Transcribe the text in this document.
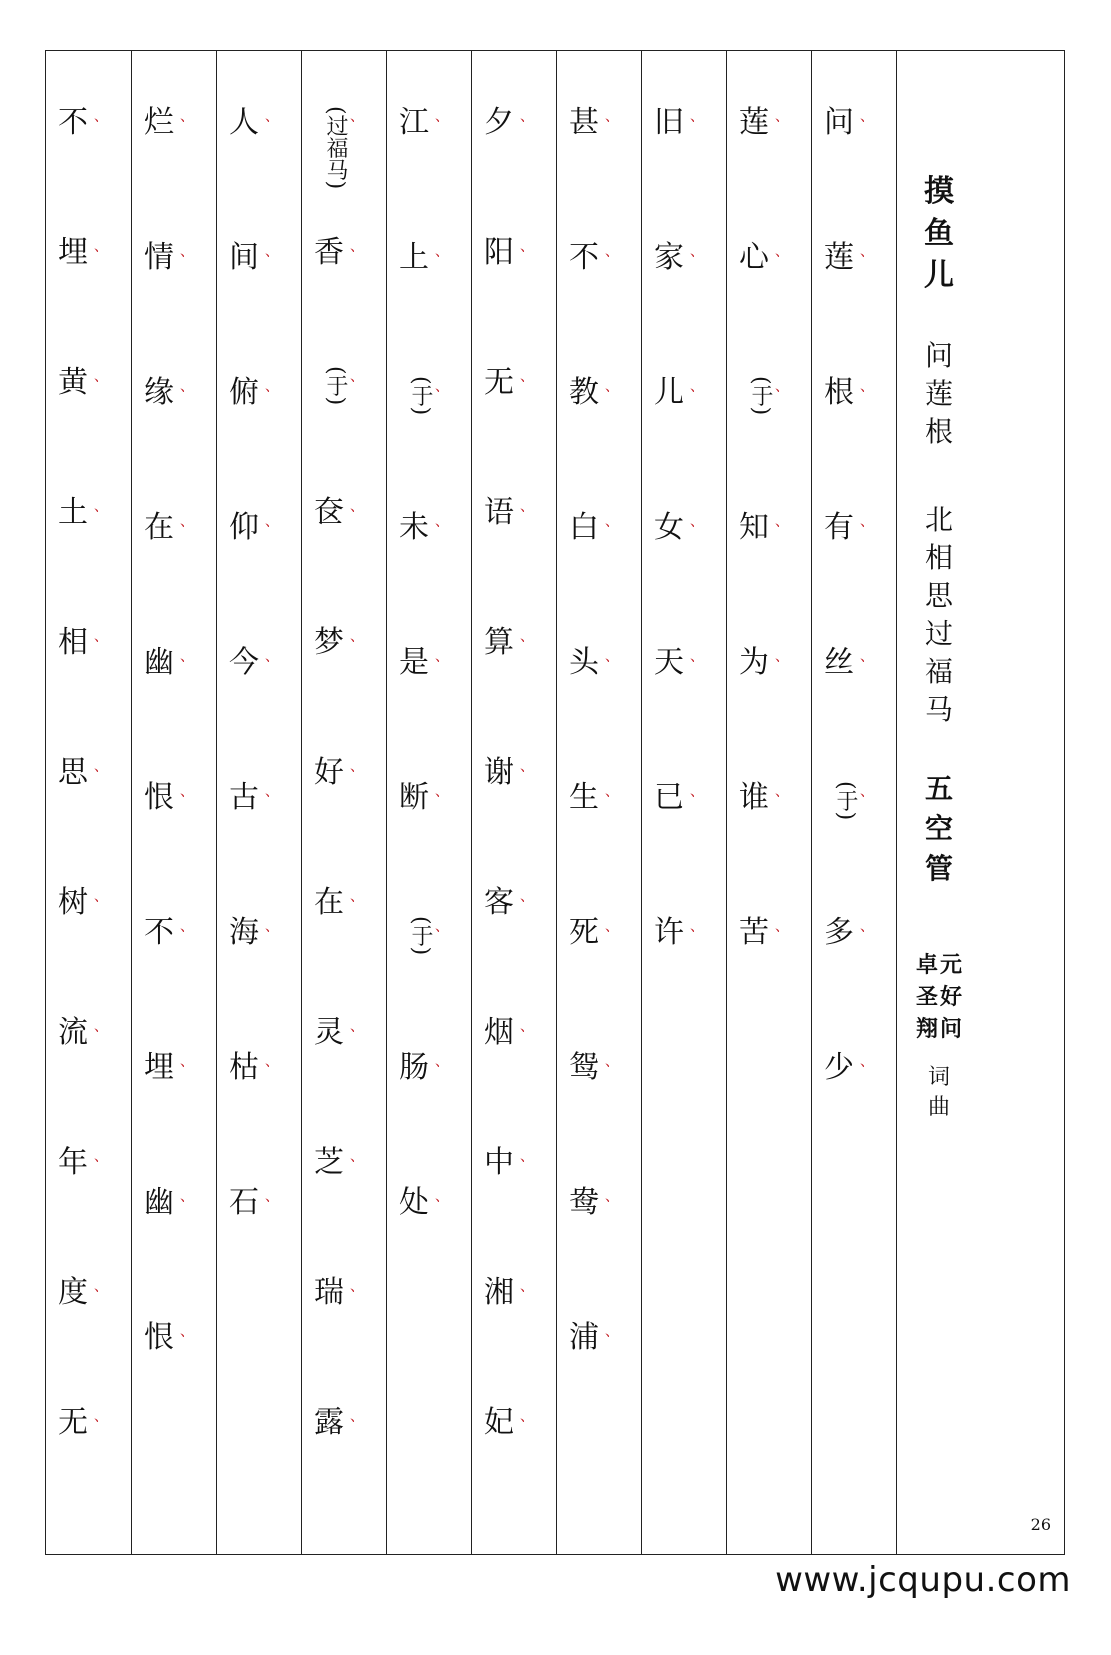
不 、
埋 、
黄 、
土 、
相 、
思 、
树 、
流 、
年 、
度 、
无 、
烂 、
情 、
缘 、
在 、
幽 、
恨 、
不 、
埋 、
幽 、
恨 、
人 、
间 、
俯 、
仰 、
今 、
古 、
海 、
枯 、
石 、
(过福马) 、
香 、
(于) 、
奁 、
梦 、
好 、
在 、
灵 、
芝 、
瑞 、
露 、
江 、
上 、
(于) 、
未 、
是 、
断 、
(于) 、
肠 、
处 、
夕 、
阳 、
无 、
语 、
算 、
谢 、
客 、
烟 、
中 、
湘 、
妃 、
甚 、
不 、
教 、
白 、
头 、
生 、
死 、
鸳 、
鸯 、
浦 、
旧 、
家 、
儿 、
女 、
天 、
已 、
许 、
莲 、
心 、
(于) 、
知 、
为 、
谁 、
苦 、
问 、
莲 、
根 、
有 、
丝 、
(于) 、
多 、
少 、
摸
鱼
儿
问
莲
根
北
相
思
过
福
马
五
空
管
元
好
问
卓
圣
翔
词
曲
26
www.jcqupu.com
